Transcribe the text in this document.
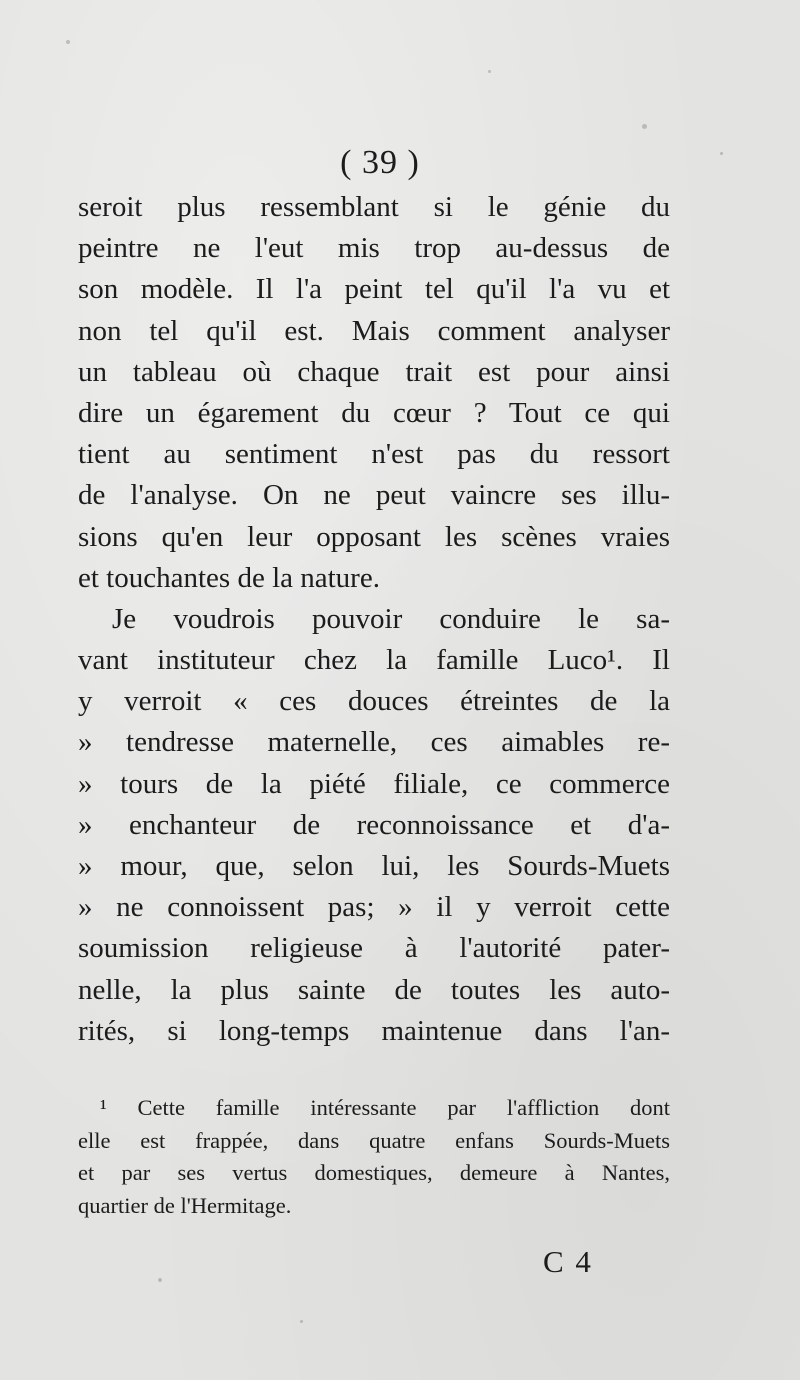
( 39 )
seroit plus ressemblant si le génie du
peintre ne l'eut mis trop au-dessus de
son modèle. Il l'a peint tel qu'il l'a vu et
non tel qu'il est. Mais comment analyser
un tableau où chaque trait est pour ainsi
dire un égarement du cœur ? Tout ce qui
tient au sentiment n'est pas du ressort
de l'analyse. On ne peut vaincre ses illu-
sions qu'en leur opposant les scènes vraies
et touchantes de la nature.
Je voudrois pouvoir conduire le sa-
vant instituteur chez la famille Luco¹. Il
y verroit « ces douces étreintes de la
» tendresse maternelle, ces aimables re-
» tours de la piété filiale, ce commerce
» enchanteur de reconnoissance et d'a-
» mour, que, selon lui, les Sourds-Muets
» ne connoissent pas; » il y verroit cette
soumission religieuse à l'autorité pater-
nelle, la plus sainte de toutes les auto-
rités, si long-temps maintenue dans l'an-
¹ Cette famille intéressante par l'affliction dont
elle est frappée, dans quatre enfans Sourds-Muets
et par ses vertus domestiques, demeure à Nantes,
quartier de l'Hermitage.
C 4
